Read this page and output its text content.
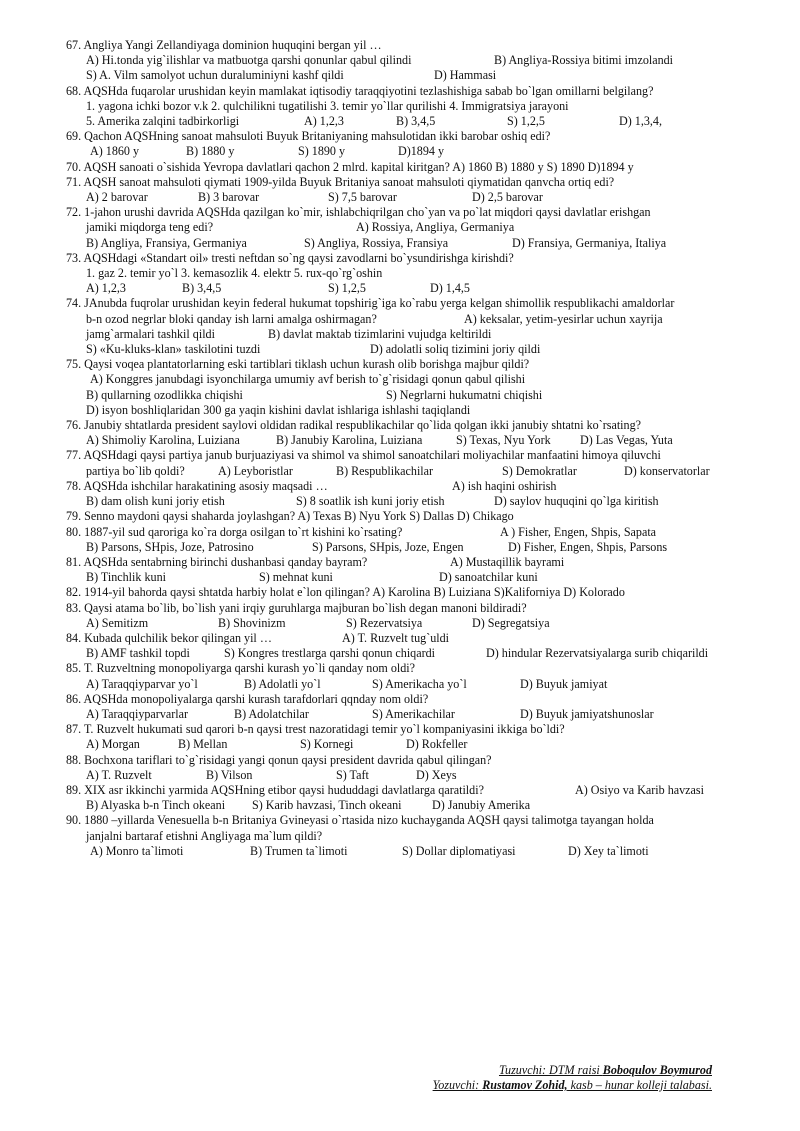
67. Angliya Yangi Zellandiyaga dominion huquqini bergan yil …
A) Hi.tonda yig`ilishlar va matbuotga qarshi qonunlar qabul qilindi	B) Angliya-Rossiya bitimi imzolandi
S) A. Vilm samolyot uchun duraluminiyni kashf qildi	D) Hammasi
68. AQSHda fuqarolar urushidan keyin mamlakat iqtisodiy taraqqiyotini tezlashishiga sabab bo`lgan omillarni belgilang?
1. yagona ichki bozor v.k 2. qulchilikni tugatilishi 3. temir yo`llar qurilishi 4. Immigratsiya jarayoni
5. Amerika zalqini tadbirkorligi	A) 1,2,3	B) 3,4,5	S) 1,2,5	D) 1,3,4,
69. Qachon AQSHning sanoat mahsuloti Buyuk Britaniyaning mahsulotidan ikki barobar oshiq edi?
A) 1860 y	B) 1880 y	S) 1890 y	D)1894 y
70. AQSH sanoati o`sishida Yevropa davlatlari qachon 2 mlrd. kapital kiritgan? A) 1860 B) 1880 y S) 1890 D)1894 y
71. AQSH sanoat mahsuloti qiymati 1909-yilda Buyuk Britaniya sanoat mahsuloti qiymatidan qanvcha ortiq edi?
A) 2 barovar	B) 3 barovar	S) 7,5 barovar	D) 2,5 barovar
72. 1-jahon urushi davrida AQSHda qazilgan ko`mir, ishlabchiqrilgan cho`yan va po`lat miqdori qaysi davlatlar erishgan
jamiki miqdorga teng edi?	A) Rossiya, Angliya, Germaniya
B) Angliya, Fransiya, Germaniya	S) Angliya, Rossiya, Fransiya	D) Fransiya, Germaniya, Italiya
73. AQSHdagi «Standart oil» tresti neftdan so`ng qaysi zavodlarni bo`ysundirishga kirishdi?
1. gaz 2. temir yo`l 3. kemasozlik 4. elektr 5. rux-qo`rg`oshin
A) 1,2,3	B) 3,4,5	S) 1,2,5	D) 1,4,5
74. JAnubda fuqrolar urushidan keyin federal hukumat topshirig`iga ko`rabu yerga kelgan shimollik respublikachi amaldorlar
b-n ozod negrlar bloki qanday ish larni amalga oshirmagan?	A) keksalar, yetim-yesirlar uchun xayrija
jamg`armalari tashkil qildi	B) davlat maktab tizimlarini vujudga keltirildi
S) «Ku-kluks-klan» taskilotini tuzdi	D) adolatli soliq tizimini joriy qildi
75. Qaysi voqea plantatorlarning eski tartiblari tiklash uchun kurash olib borishga majbur qildi?
A) Konggres janubdagi isyonchilarga umumiy avf berish to`g`risidagi qonun qabul qilishi
B) qullarning ozodlikka chiqishi	S) Negrlarni hukumatni chiqishi
D) isyon boshliqlaridan 300 ga yaqin kishini davlat ishlariga ishlashi taqiqlandi
76. Janubiy shtatlarda president saylovi oldidan radikal respublikachilar qo`lida qolgan ikki janubiy shtatni ko`rsating?
A) Shimoliy Karolina, Luiziana	B) Janubiy Karolina, Luiziana	S) Texas, Nyu York D) Las Vegas, Yuta
77. AQSHdagi qaysi partiya janub burjuaziyasi va shimol va shimol sanoatchilari moliyachilar manfaatini himoya qiluvchi
partiya bo`lib qoldi?	A) Leyboristlar	B) Respublikachilar	S) Demokratlar	D) konservatorlar
78. AQSHda ishchilar harakatining asosiy maqsadi …	A) ish haqini oshirish
B) dam olish kuni joriy etish	S) 8 soatlik ish kuni joriy etish	D) saylov huquqini qo`lga kiritish
79. Senno maydoni qaysi shaharda joylashgan? A) Texas B) Nyu York S) Dallas D) Chikago
80. 1887-yil sud qaroriga ko`ra dorga osilgan to`rt kishini ko`rsating?	A ) Fisher, Engen, Shpis, Sapata
B) Parsons, SHpis, Joze, Patrosino	S) Parsons, SHpis, Joze, Engen	D) Fisher, Engen, Shpis, Parsons
81. AQSHda sentabrning birinchi dushanbasi qanday bayram?	A) Mustaqillik bayrami
B) Tinchlik kuni	S) mehnat kuni	D) sanoatchilar kuni
82. 1914-yil bahorda qaysi shtatda harbiy holat e`lon qilingan? A) Karolina B) Luiziana S)Kaliforniya D) Kolorado
83. Qaysi atama bo`lib, bo`lish yani irqiy guruhlarga majburan bo`lish degan manoni bildiradi?
A) Semitizm	B) Shovinizm	S) Rezervatsiya	D) Segregatsiya
84. Kubada qulchilik bekor qilingan yil …	A) T. Ruzvelt tug`uldi
B) AMF tashkil topdi	S) Kongres trestlarga qarshi qonun chiqardi	D) hindular Rezervatsiyalarga surib chiqarildi
85. T. Ruzveltning monopoliyarga qarshi kurash yo`li qanday nom oldi?
A) Taraqqiyparvar yo`l	B) Adolatli yo`l	S) Amerikacha yo`l	D) Buyuk jamiyat
86. AQSHda monopoliyalarga qarshi kurash tarafdorlari qqnday nom oldi?
A) Taraqqiyparvarlar	B) Adolatchilar	S) Amerikachilar	D) Buyuk jamiyatshunoslar
87. T. Ruzvelt hukumati sud qarori b-n qaysi trest nazoratidagi temir yo`l kompaniyasini ikkiga bo`ldi?
A) Morgan	B) Mellan	S) Kornegi	D) Rokfeller
88. Bochxona tariflari to`g`risidagi yangi qonun qaysi president davrida qabul qilingan?
A) T. Ruzvelt	B) Vilson	S) Taft	D) Xeys
89. XIX asr ikkinchi yarmida AQSHning etibor qaysi hududdagi davlatlarga qaratildi?	A) Osiyo va Karib havzasi
B) Alyaska b-n Tinch okeani S) Karib havzasi, Tinch okeani	D) Janubiy Amerika
90. 1880 –yillarda Venesuella b-n Britaniya Gvineyasi o`rtasida nizo kuchayganda AQSH qaysi talimotga tayangan holda
janjalni bartaraf etishni Angliyaga ma`lum qildi?
A) Monro ta`limoti	B) Trumen ta`limoti	S) Dollar diplomatiyasi	D) Xey ta`limoti
Tuzuvchi: DTM raisi Boboqulov Boymurod
Yozuvchi: Rustamov Zohid, kasb – hunar kolleji talabasi.
